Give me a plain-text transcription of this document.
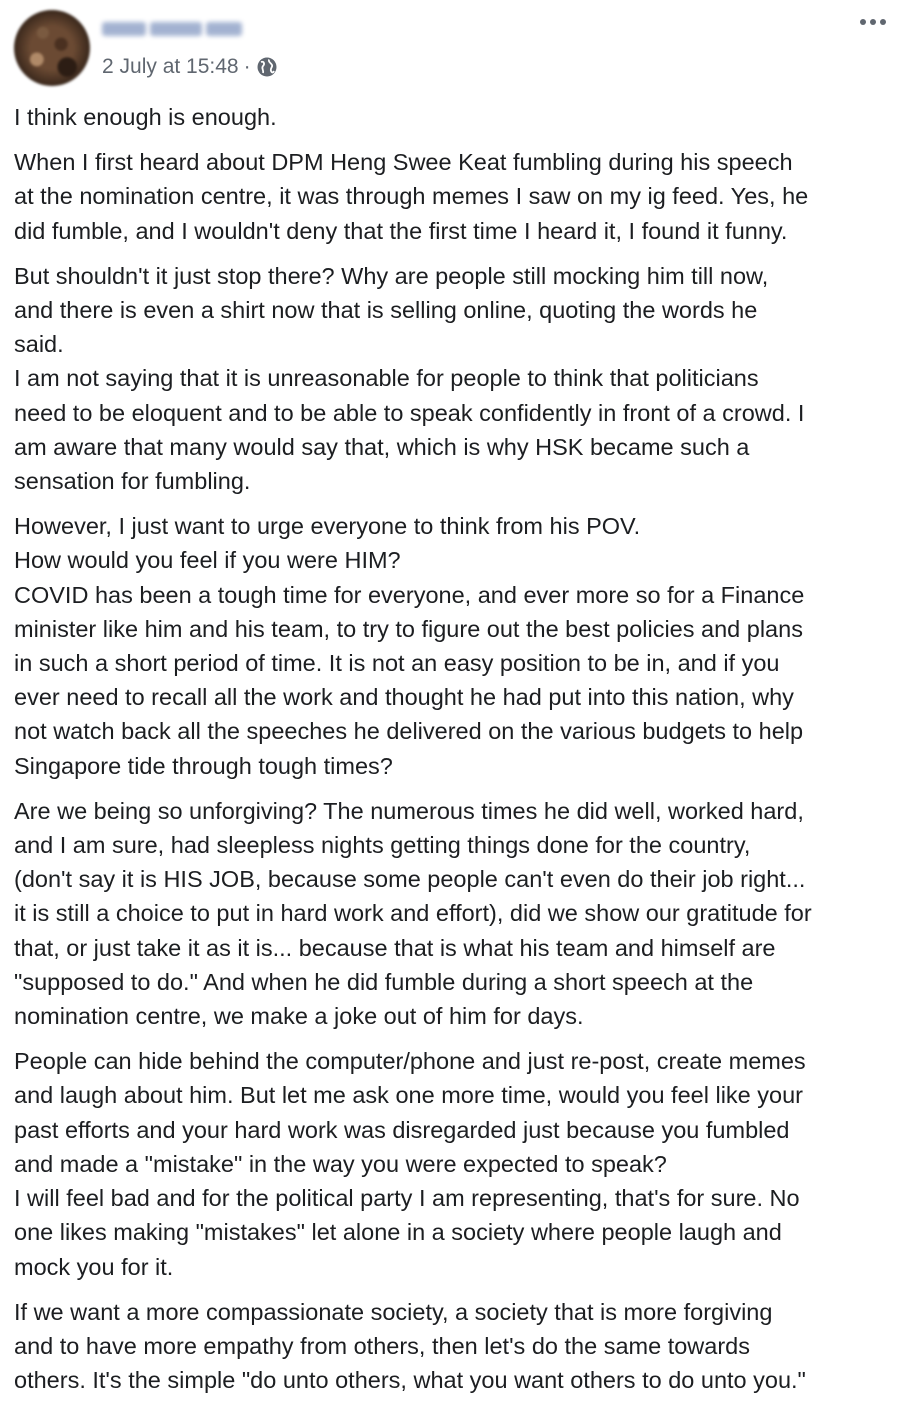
2 July at 15:48 ·
I think enough is enough.
When I first heard about DPM Heng Swee Keat fumbling during his speech
at the nomination centre, it was through memes I saw on my ig feed. Yes, he
did fumble, and I wouldn't deny that the first time I heard it, I found it funny.
But shouldn't it just stop there? Why are people still mocking him till now,
and there is even a shirt now that is selling online, quoting the words he
said.
I am not saying that it is unreasonable for people to think that politicians
need to be eloquent and to be able to speak confidently in front of a crowd. I
am aware that many would say that, which is why HSK became such a
sensation for fumbling.
However, I just want to urge everyone to think from his POV.
How would you feel if you were HIM?
COVID has been a tough time for everyone, and ever more so for a Finance
minister like him and his team, to try to figure out the best policies and plans
in such a short period of time. It is not an easy position to be in, and if you
ever need to recall all the work and thought he had put into this nation, why
not watch back all the speeches he delivered on the various budgets to help
Singapore tide through tough times?
Are we being so unforgiving? The numerous times he did well, worked hard,
and I am sure, had sleepless nights getting things done for the country,
(don't say it is HIS JOB, because some people can't even do their job right...
it is still a choice to put in hard work and effort), did we show our gratitude for
that, or just take it as it is... because that is what his team and himself are
"supposed to do." And when he did fumble during a short speech at the
nomination centre, we make a joke out of him for days.
People can hide behind the computer/phone and just re-post, create memes
and laugh about him. But let me ask one more time, would you feel like your
past efforts and your hard work was disregarded just because you fumbled
and made a "mistake" in the way you were expected to speak?
I will feel bad and for the political party I am representing, that's for sure. No
one likes making "mistakes" let alone in a society where people laugh and
mock you for it.
If we want a more compassionate society, a society that is more forgiving
and to have more empathy from others, then let's do the same towards
others. It's the simple "do unto others, what you want others to do unto you."
